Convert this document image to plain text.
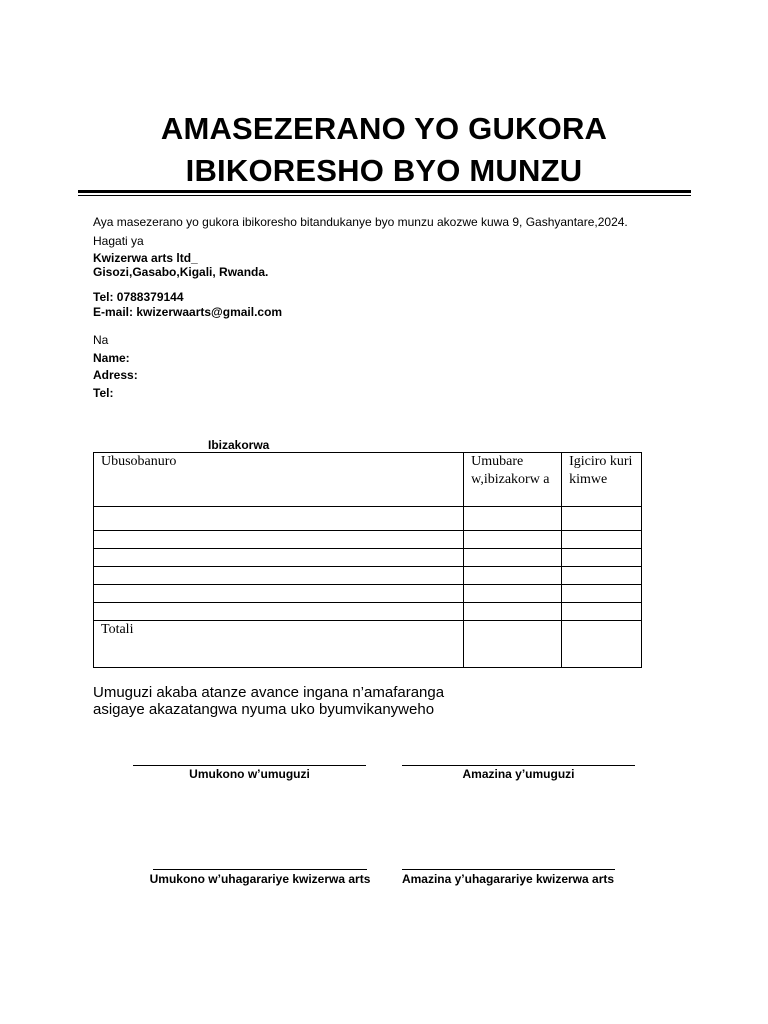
AMASEZERANO YO GUKORA
IBIKORESHO BYO MUNZU
Aya masezerano yo gukora ibikoresho bitandukanye byo munzu akozwe kuwa 9, Gashyantare,2024.
Hagati ya
Kwizerwa arts ltd_
Gisozi,Gasabo,Kigali, Rwanda.
Tel: 0788379144
E-mail: kwizerwaarts@gmail.com
Na
Name:
Adress:
Tel:
Ibizakorwa
Ubusobanuro	Umubare w,ibizakorw a	Igiciro kuri kimwe

Totali		
Umuguzi akaba atanze avance ingana n’amafaranga
asigaye akazatangwa nyuma uko byumvikanyweho
Umukono w’umuguzi	Amazina y’umuguzi
Umukono w’uhagarariye kwizerwa arts	Amazina y’uhagarariye kwizerwa arts
